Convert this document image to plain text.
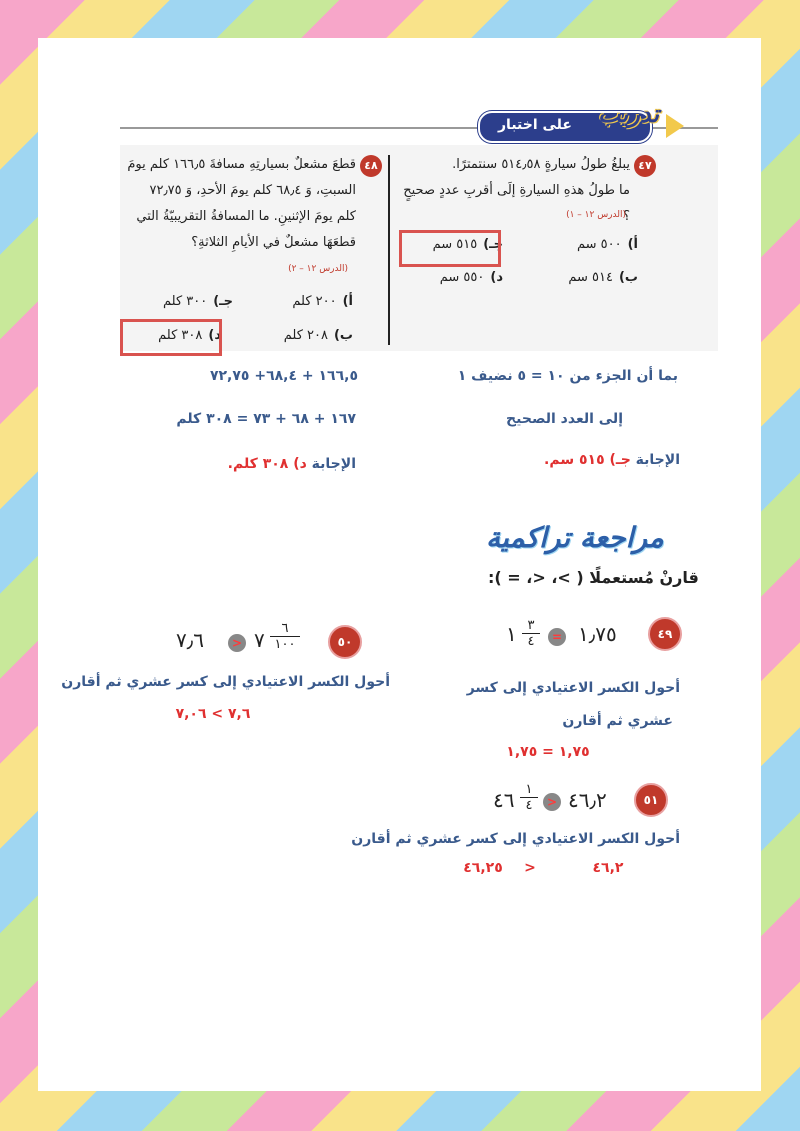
على اختبار تدريب
٤٧
يبلغُ طولُ سيارةٍ ٥١٤٫٥٨ سنتمترًا.
ما طولُ هذهِ السيارةِ إلَى أقربِ عددٍ صحيحٍ ؟
(الدرس ١٢ – ١)
أ)٥٠٠ سم
جـ)٥١٥ سم
ب)٥١٤ سم
د)٥٥٠ سم
٤٨
قطعَ مشعلٌ بسيارتِهِ مسافةَ ١٦٦٫٥ كلم يومَ
السبتِ، وَ ٦٨٫٤ كلم يومَ الأحدِ، وَ ٧٢٫٧٥
كلم يومَ الإثنينِ. ما المسافةُ التقريبيّةُ التي
قطعَهَا مشعلٌ في الأيامِ الثلاثةِ؟
(الدرس ١٢ – ٢)
أ)٢٠٠ كلم
جـ)٣٠٠ كلم
ب)٢٠٨ كلم
د)٣٠٨ كلم
بما أن الجزء من ١٠ = ٥ نضيف ١
إلى العدد الصحيح
الإجابة جـ) ٥١٥ سم.
١٦٦,٥ + ٦٨,٤+ ٧٢,٧٥
١٦٧ + ٦٨ + ٧٣ = ٣٠٨ كلم
الإجابة د) ٣٠٨ كلم.
مراجعة تراكمية
قارنْ مُستعملًا ( >، <، = ):
٤٩
١٫٧٥
=
٣
٤
١
أحول الكسر الاعتيادي إلى كسر
عشري ثم أقارن
١,٧٥ = ١,٧٥
٥٠
٦
١٠٠
٧
>
٧٫٦
أحول الكسر الاعتيادي إلى كسر عشري ثم أقارن
٧,٦ > ٧,٠٦
٥١
٤٦٫٢
>
١
٤
٤٦
أحول الكسر الاعتيادي إلى كسر عشري ثم أقارن
٤٦,٢
>
٤٦,٢٥
